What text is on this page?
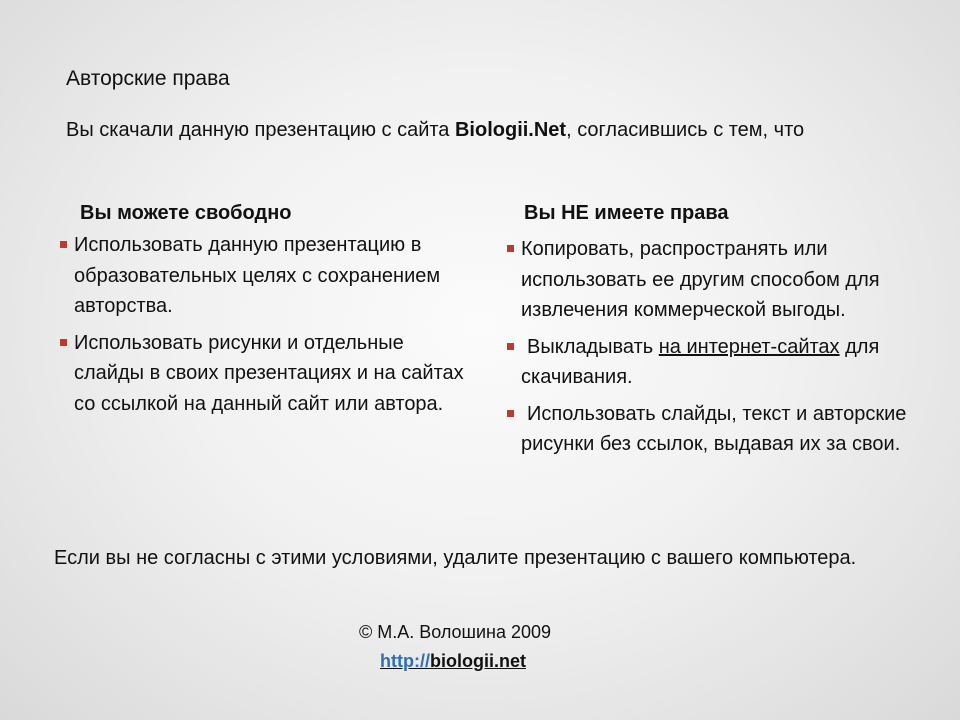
Авторские права
Вы скачали данную презентацию с сайта Biologii.Net, согласившись с тем, что
Вы можете свободно	Вы НЕ имеете права
Использовать данную презентацию в образовательных целях с сохранением авторства.
Использовать рисунки и отдельные слайды в своих презентациях и на сайтах со ссылкой на данный сайт или автора.
Копировать, распространять или использовать ее другим способом для извлечения коммерческой выгоды.
Выкладывать на интернет-сайтах для скачивания.
Использовать слайды, текст и авторские рисунки без ссылок, выдавая их за свои.
Если вы не согласны с этими условиями, удалите презентацию с вашего компьютера.
© М.А. Волошина 2009
http://biologii.net
